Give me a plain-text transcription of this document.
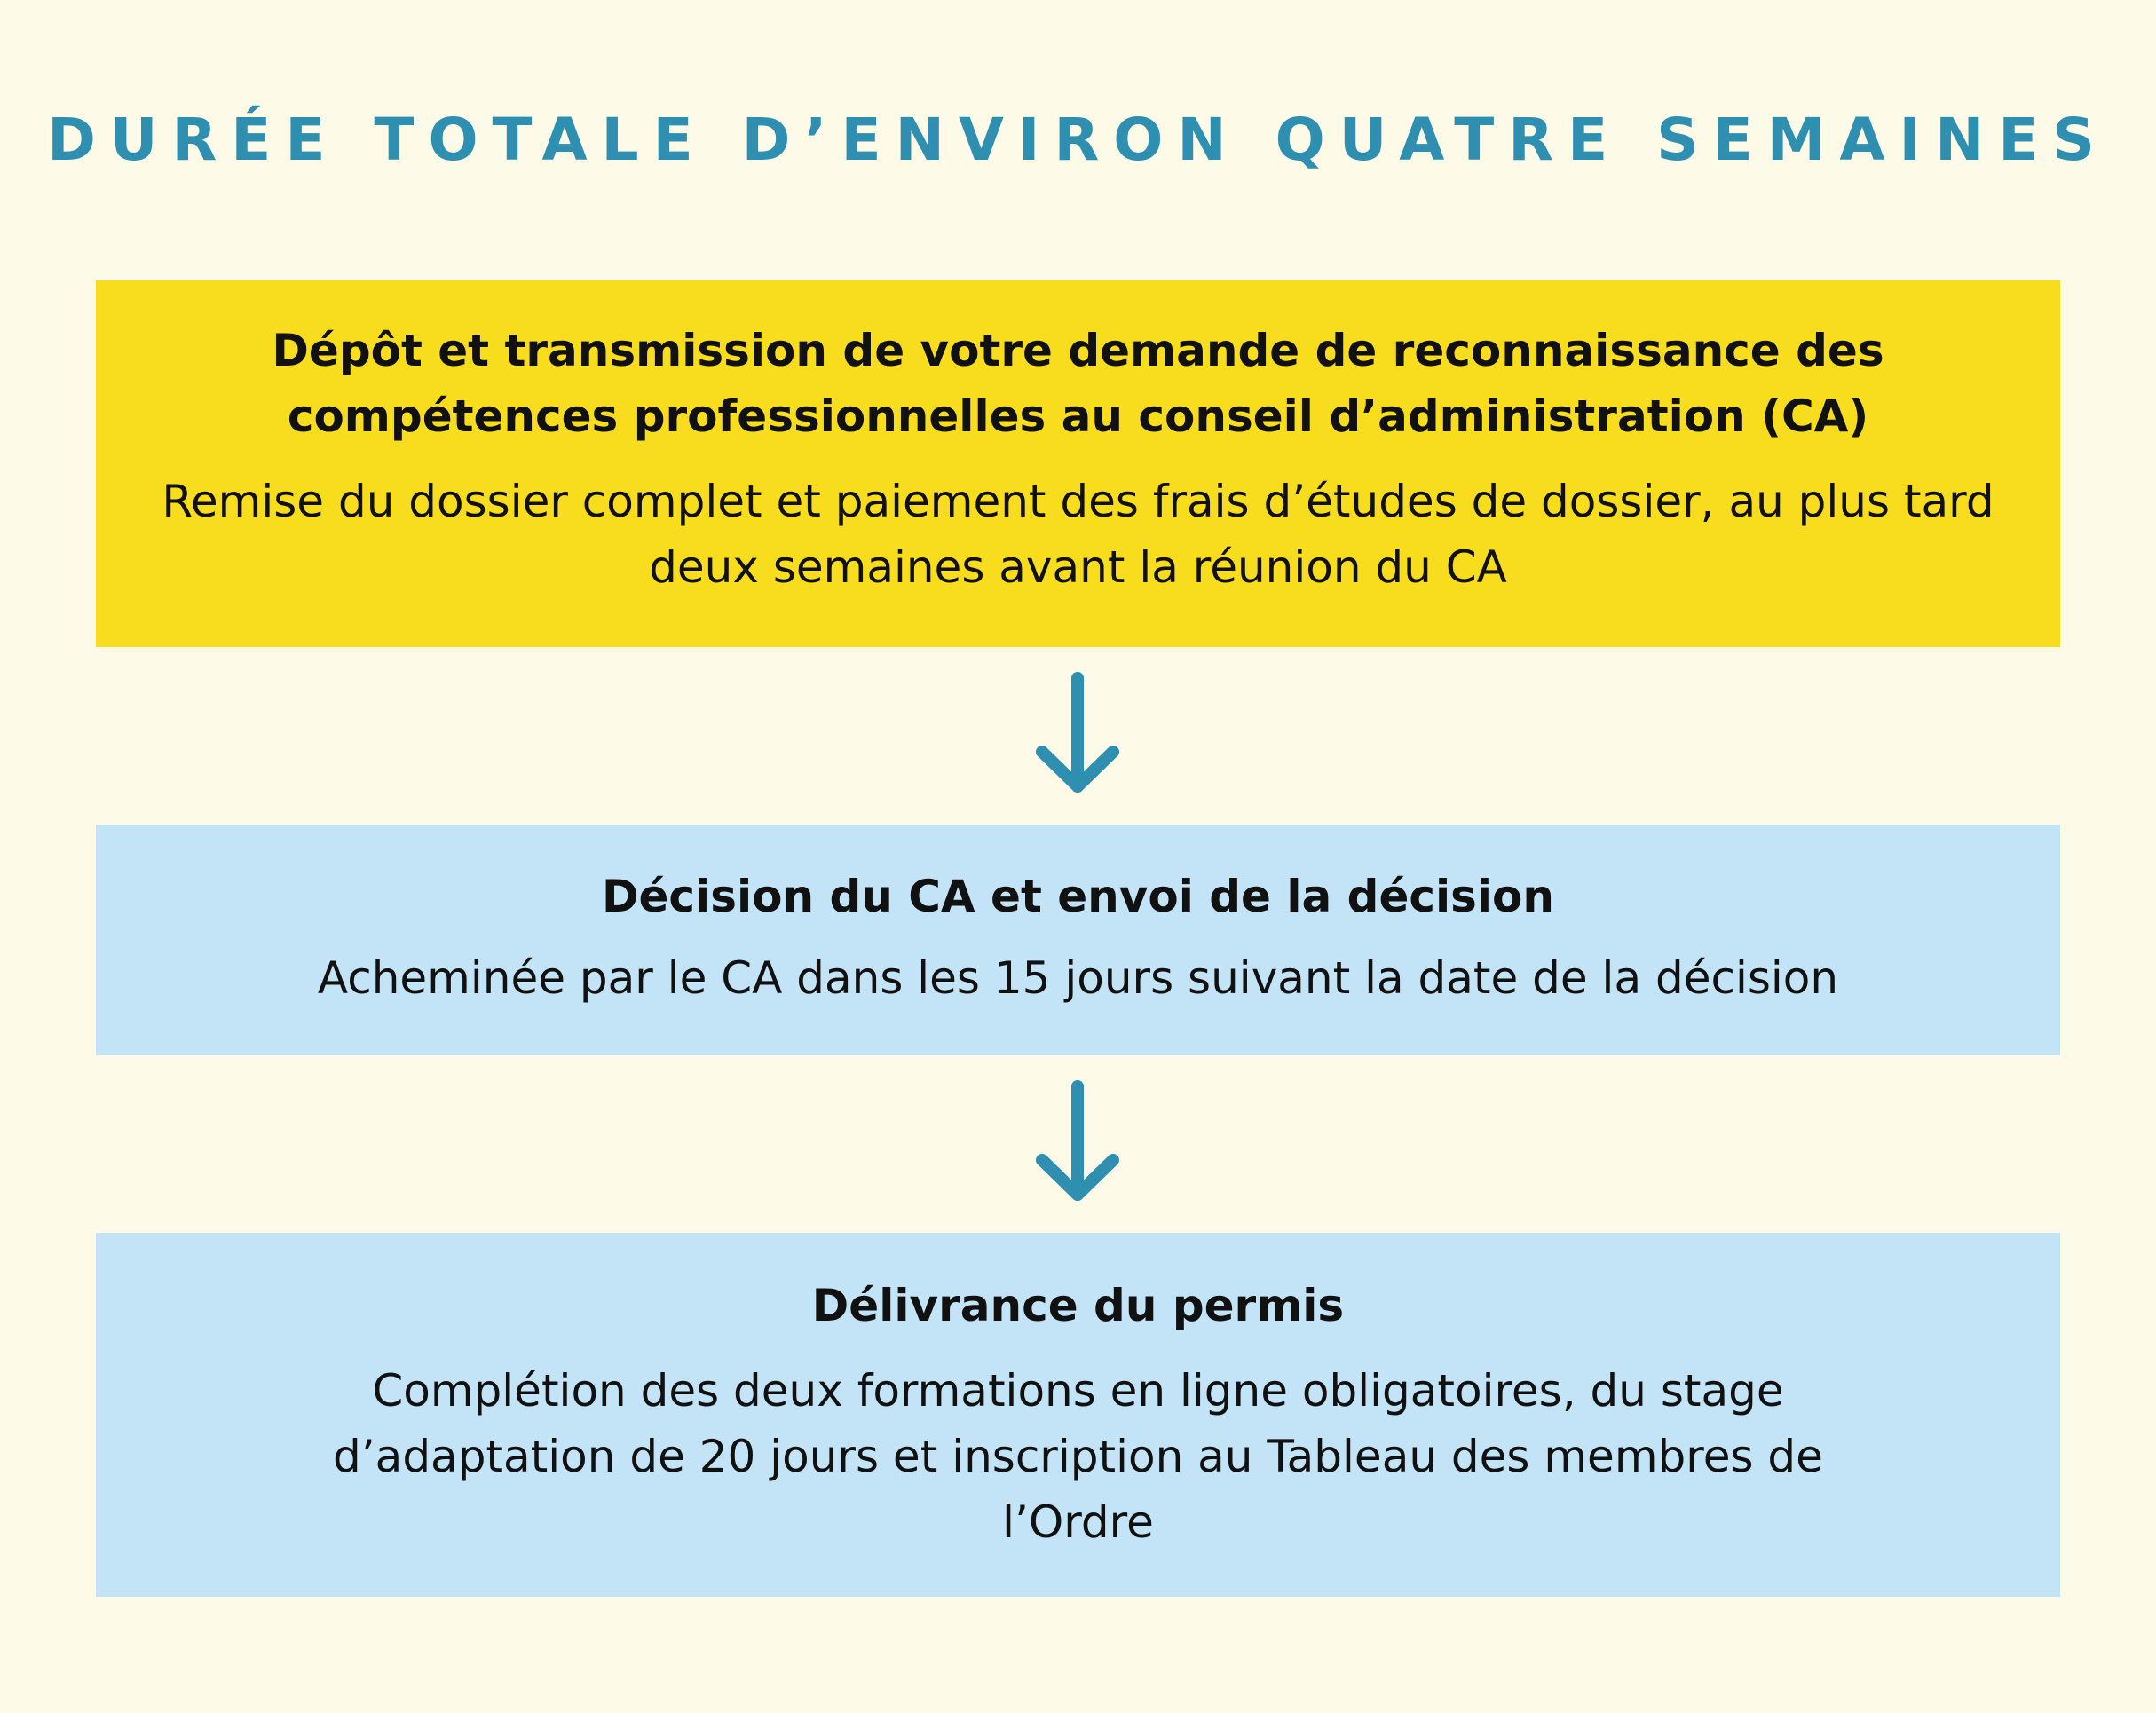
DURÉE TOTALE D’ENVIRON QUATRE SEMAINES
Dépôt et transmission de votre demande de reconnaissance des compétences professionnelles au conseil d’administration (CA)
Remise du dossier complet et paiement des frais d’études de dossier, au plus tard deux semaines avant la réunion du CA
Décision du CA et envoi de la décision
Acheminée par le CA dans les 15 jours suivant la date de la décision
Délivrance du permis
Complétion des deux formations en ligne obligatoires, du stage d’adaptation de 20 jours et inscription au Tableau des membres de l’Ordre
